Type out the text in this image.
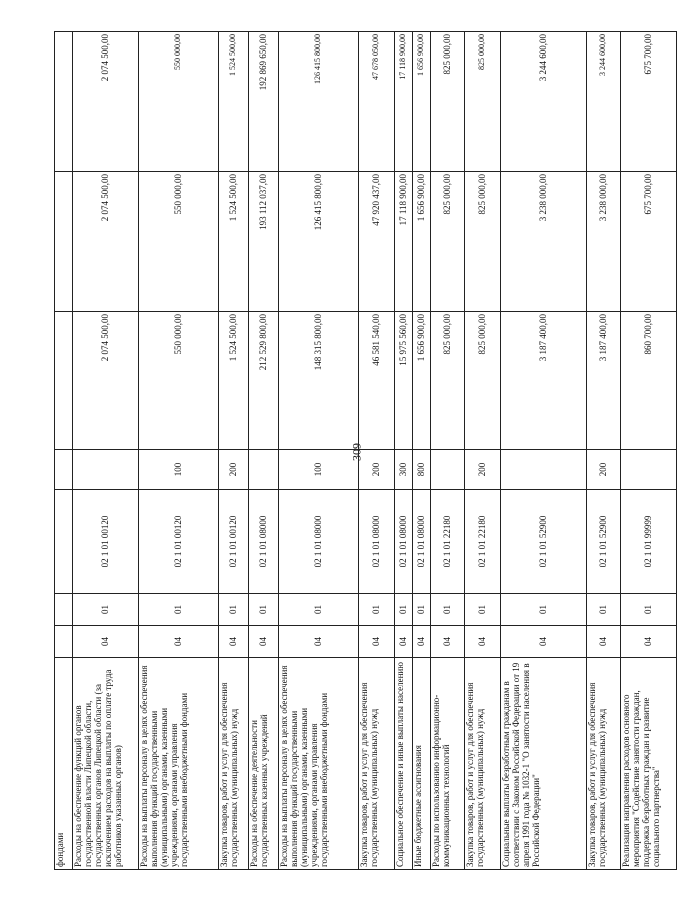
309
фондами							
Расходы на обеспечение функций органов государственной власти Липецкой области, государственных органов Липецкой области (за исключением расходов на выплаты по оплате труда работников указанных органов)	04	01	02 1 01 00120		2 074 500,00	2 074 500,00	2 074 500,00
Расходы на выплаты персоналу в целях обеспечения выполнения функций государственными (муниципальными) органами, казенными учреждениями, органами управления государственными внебюджетными фондами	04	01	02 1 01 00120	100	550 000,00	550 000,00	550 000,00
Закупка товаров, работ и услуг для обеспечения государственных (муниципальных) нужд	04	01	02 1 01 00120	200	1 524 500,00	1 524 500,00	1 524 500,00
Расходы на обеспечение деятельности государственных казенных учреждений	04	01	02 1 01 08000		212 529 800,00	193 112 037,00	192 869 650,00
Расходы на выплаты персоналу в целях обеспечения выполнения функций государственными (муниципальными) органами, казенными учреждениями, органами управления государственными внебюджетными фондами	04	01	02 1 01 08000	100	148 315 800,00	126 415 800,00	126 415 800,00
Закупка товаров, работ и услуг для обеспечения государственных (муниципальных) нужд	04	01	02 1 01 08000	200	46 581 540,00	47 920 437,00	47 678 050,00
Социальное обеспечение и иные выплаты населению	04	01	02 1 01 08000	300	15 975 560,00	17 118 900,00	17 118 900,00
Иные бюджетные ассигнования	04	01	02 1 01 08000	800	1 656 900,00	1 656 900,00	1 656 900,00
Расходы по использованию информационно-коммуникационных технологий	04	01	02 1 01 22180		825 000,00	825 000,00	825 000,00
Закупка товаров, работ и услуг для обеспечения государственных (муниципальных) нужд	04	01	02 1 01 22180	200	825 000,00	825 000,00	825 000,00
Социальные выплаты безработным гражданам в соответствии с Законом Российской Федерации от 19 апреля 1991 года № 1032-1 "О занятости населения в Российской Федерации"	04	01	02 1 01 52900		3 187 400,00	3 238 000,00	3 244 600,00
Закупка товаров, работ и услуг для обеспечения государственных (муниципальных) нужд	04	01	02 1 01 52900	200	3 187 400,00	3 238 000,00	3 244 600,00
Реализация направления расходов основного мероприятия "Содействие занятости граждан, поддержка безработных граждан и развитие социального партнерства"	04	01	02 1 01 99999		860 700,00	675 700,00	675 700,00
